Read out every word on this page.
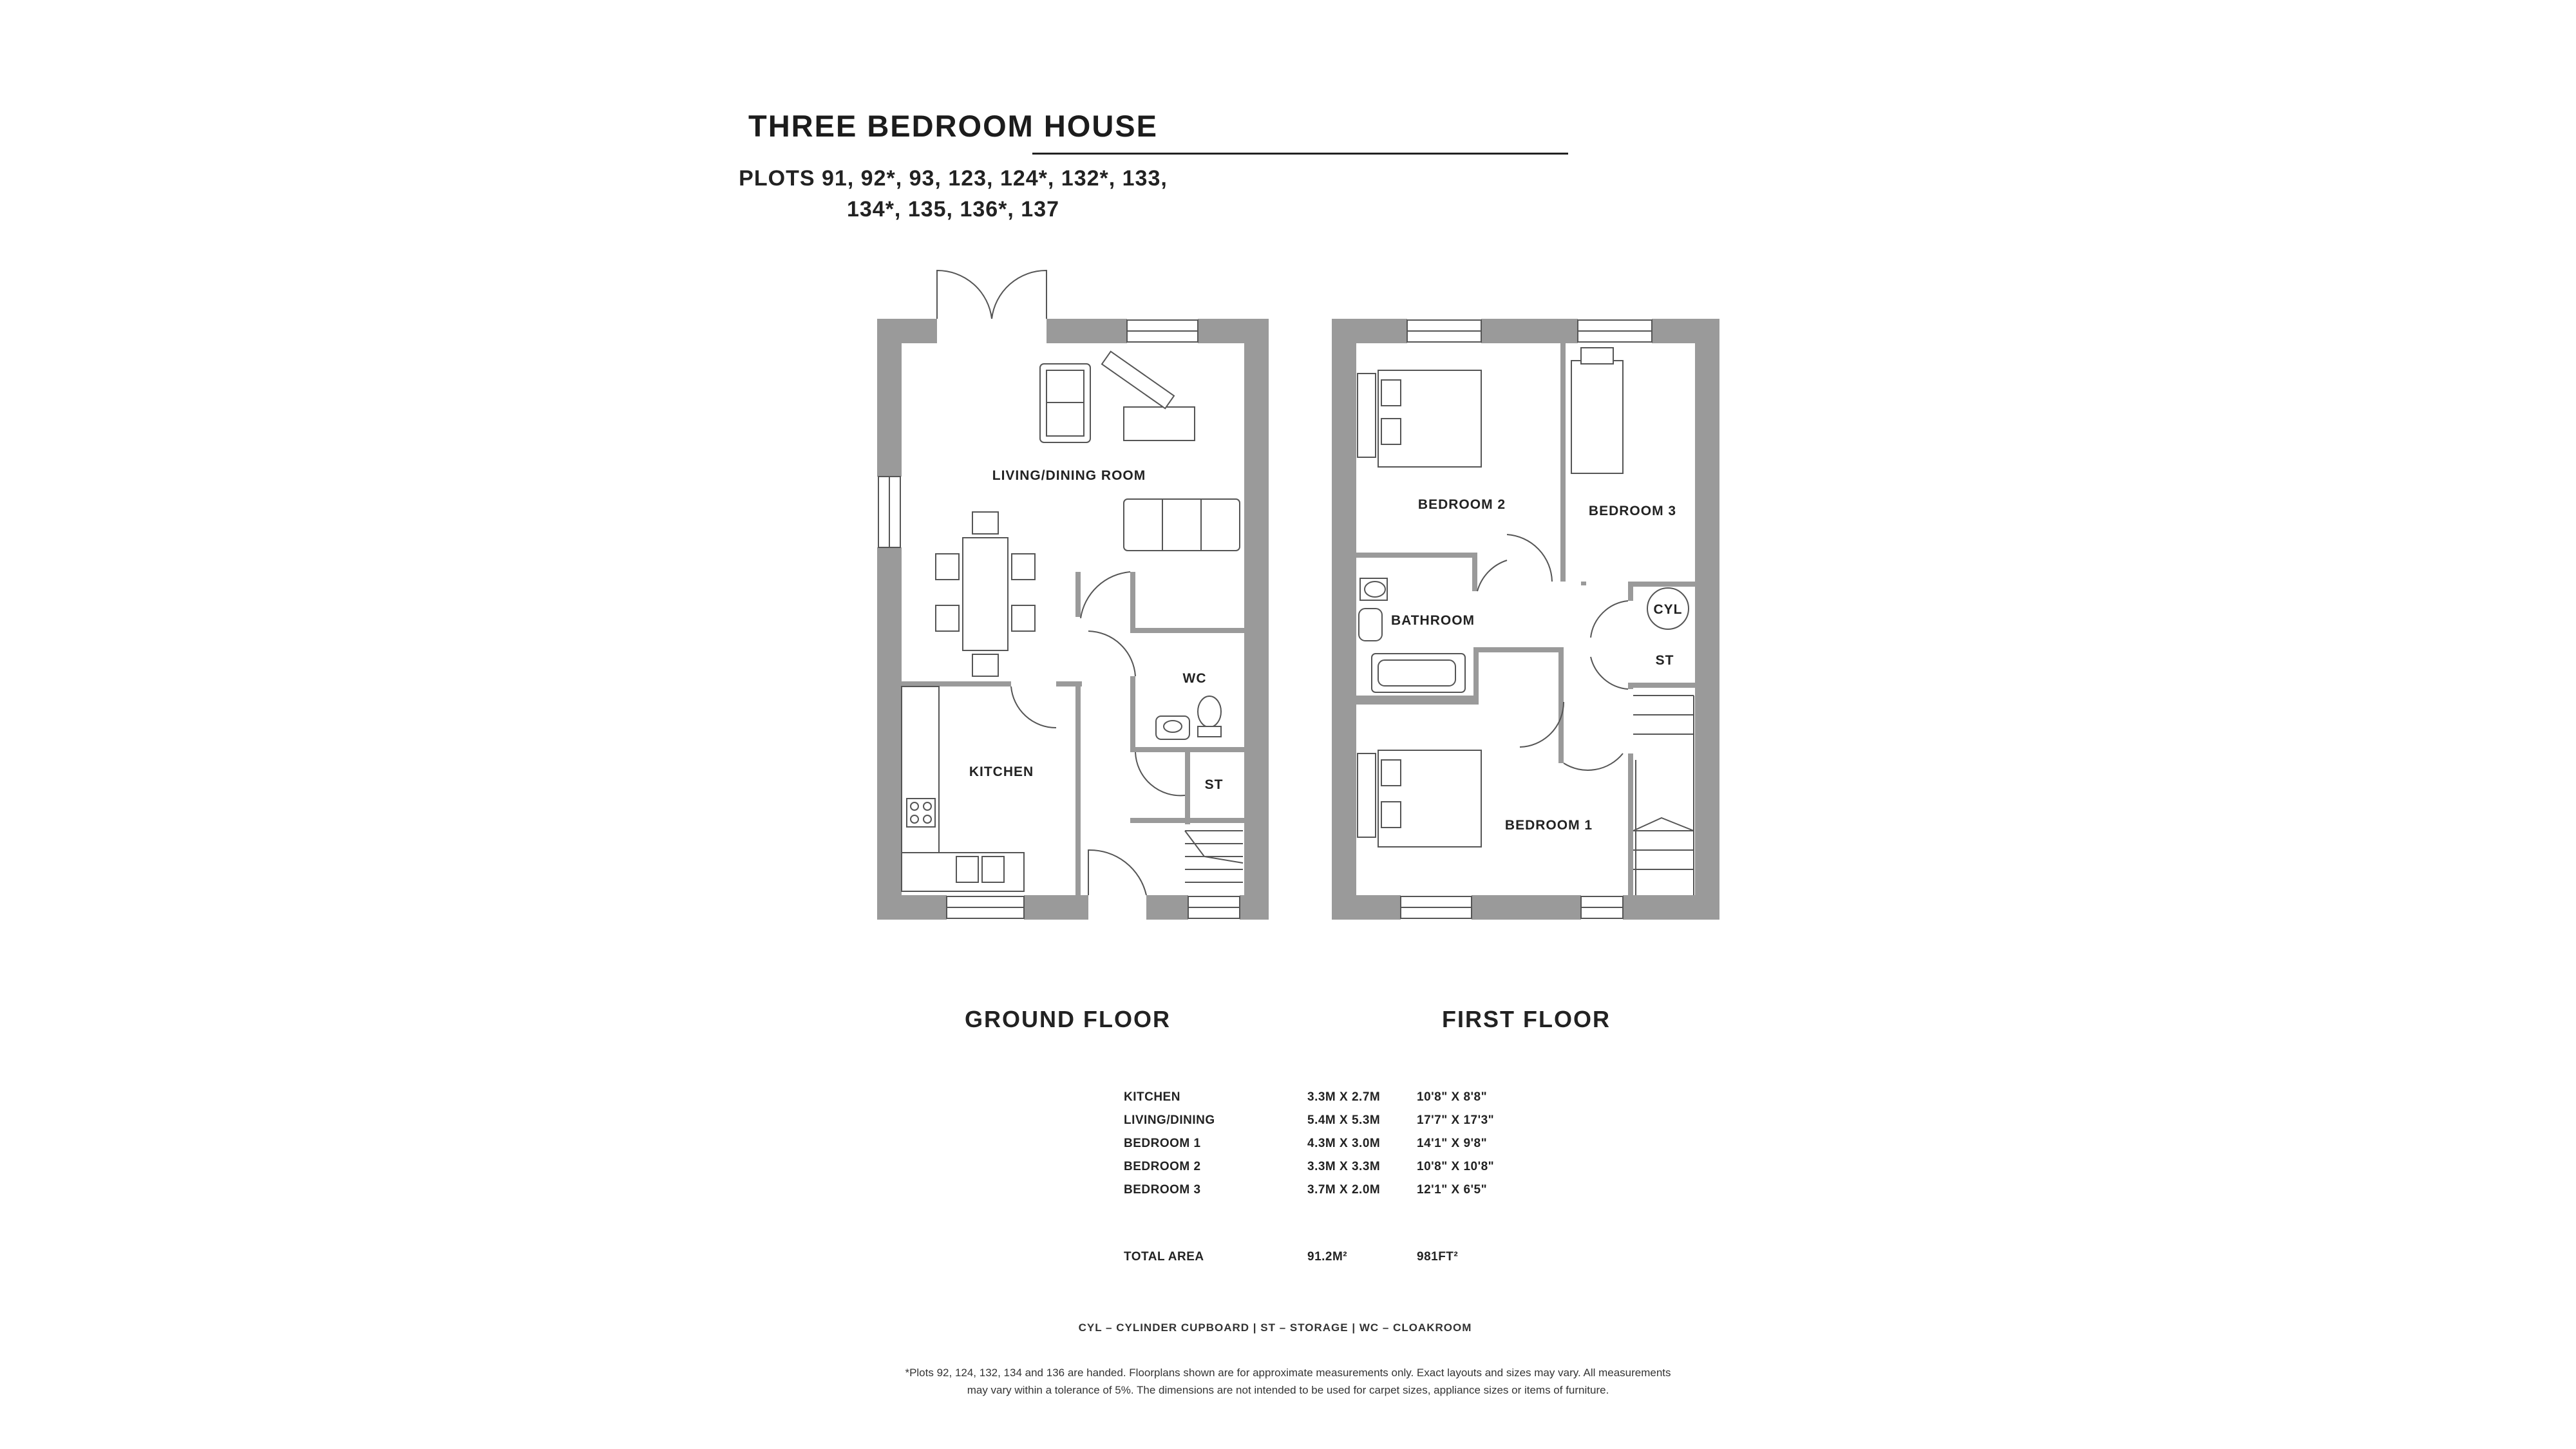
THREE BEDROOM HOUSE
PLOTS 91, 92*, 93, 123, 124*, 132*, 133,
134*, 135, 136*, 137
LIVING/DINING ROOM
WC
KITCHEN
ST
BEDROOM 2	BEDROOM 3
BATHROOM
CYL
ST
BEDROOM 1
GROUND FLOOR	FIRST FLOOR
KITCHEN	3.3M X 2.7M	10'8" X 8'8"
LIVING/DINING	5.4M X 5.3M	17'7" X 17'3"
BEDROOM 1	4.3M X 3.0M	14'1" X 9'8"
BEDROOM 2	3.3M X 3.3M	10'8" X 10'8"
BEDROOM 3	3.7M X 2.0M	12'1" X 6'5"
TOTAL AREA	91.2M²	981FT²
CYL – CYLINDER CUPBOARD | ST – STORAGE | WC – CLOAKROOM
*Plots 92, 124, 132, 134 and 136 are handed. Floorplans shown are for approximate measurements only. Exact layouts and sizes may vary. All measurements
may vary within a tolerance of 5%. The dimensions are not intended to be used for carpet sizes, appliance sizes or items of furniture.
